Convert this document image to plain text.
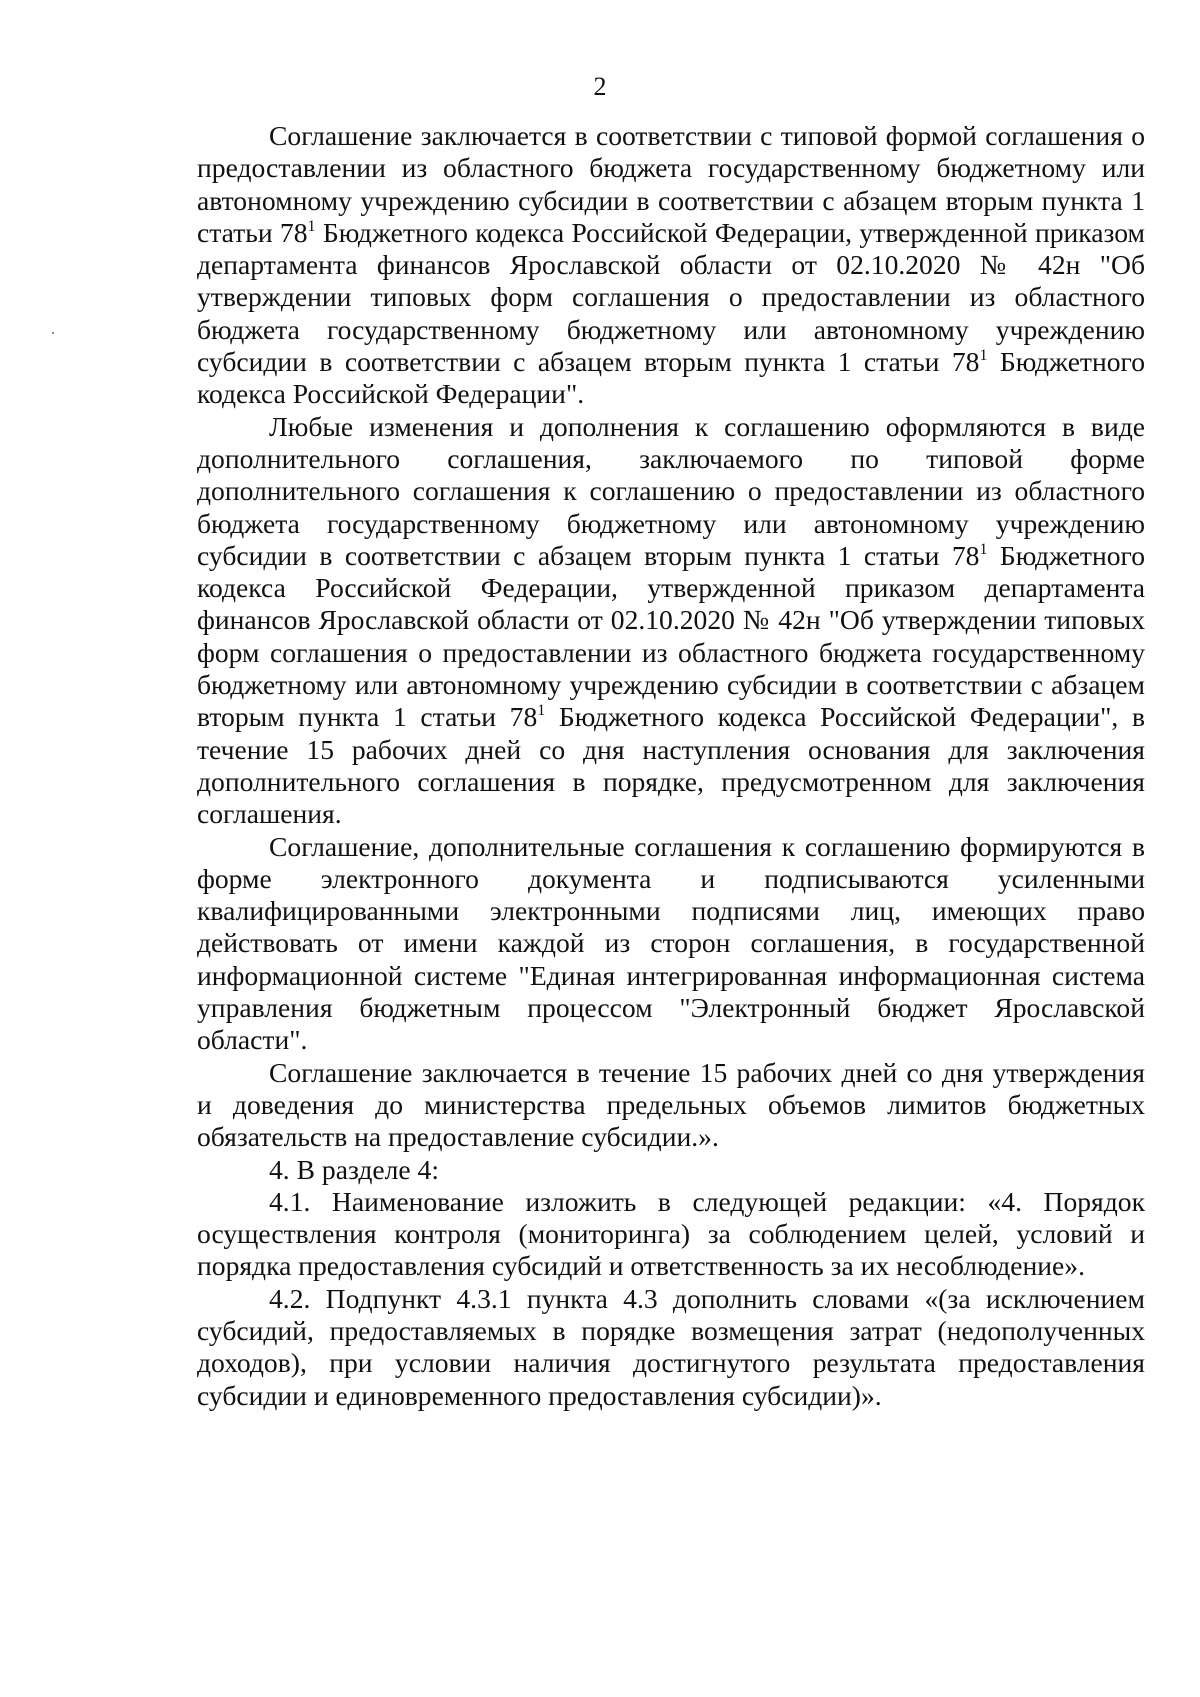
2

Соглашение заключается в соответствии с типовой формой соглашения о предоставлении из областного бюджета государственному бюджетному или автономному учреждению субсидии в соответствии с абзацем вторым пункта 1 статьи $78^1$ Бюджетного кодекса Российской Федерации, утвержденной приказом департамента финансов Ярославской области от 02.10.2020 № 42н "Об утверждении типовых форм соглашения о предоставлении из областного бюджета государственному бюджетному или автономному учреждению субсидии в соответствии с абзацем вторым пункта 1 статьи $78^1$ Бюджетного кодекса Российской Федерации".

Любые изменения и дополнения к соглашению оформляются в виде дополнительного соглашения, заключаемого по типовой форме дополнительного соглашения к соглашению о предоставлении из областного бюджета государственному бюджетному или автономному учреждению субсидии в соответствии с абзацем вторым пункта 1 статьи $78^1$ Бюджетного кодекса Российской Федерации, утвержденной приказом департамента финансов Ярославской области от 02.10.2020 № 42н "Об утверждении типовых форм соглашения о предоставлении из областного бюджета государственному бюджетному или автономному учреждению субсидии в соответствии с абзацем вторым пункта 1 статьи $78^1$ Бюджетного кодекса Российской Федерации", в течение 15 рабочих дней со дня наступления основания для заключения дополнительного соглашения в порядке, предусмотренном для заключения соглашения.

Соглашение, дополнительные соглашения к соглашению формируются в форме электронного документа и подписываются усиленными квалифицированными электронными подписями лиц, имеющих право действовать от имени каждой из сторон соглашения, в государственной информационной системе "Единая интегрированная информационная система управления бюджетным процессом "Электронный бюджет Ярославской области".

Соглашение заключается в течение 15 рабочих дней со дня утверждения и доведения до министерства предельных объемов лимитов бюджетных обязательств на предоставление субсидии.».

4. В разделе 4:

4.1. Наименование изложить в следующей редакции: «4. Порядок осуществления контроля (мониторинга) за соблюдением целей, условий и порядка предоставления субсидий и ответственность за их несоблюдение».

4.2. Подпункт 4.3.1 пункта 4.3 дополнить словами «(за исключением субсидий, предоставляемых в порядке возмещения затрат (недополученных доходов), при условии наличия достигнутого результата предоставления субсидии и единовременного предоставления субсидии)».
